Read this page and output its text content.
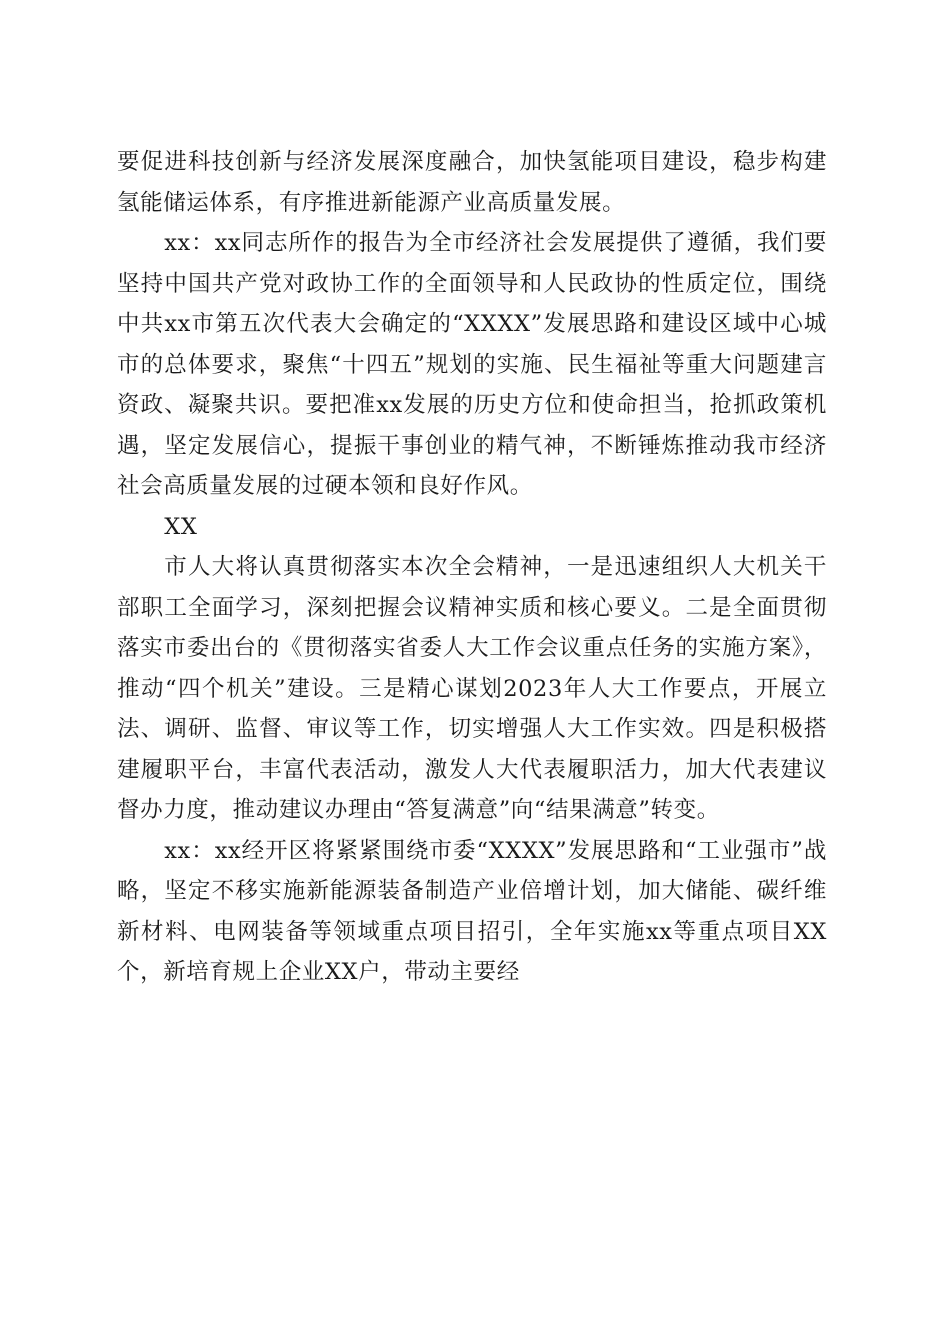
要促进科技创新与经济发展深度融合，加快氢能项目建设，稳步构建氢能储运体系，有序推进新能源产业高质量发展。

xx：xx同志所作的报告为全市经济社会发展提供了遵循，我们要坚持中国共产党对政协工作的全面领导和人民政协的性质定位，围绕中共xx市第五次代表大会确定的“XXXX”发展思路和建设区域中心城市的总体要求，聚焦“十四五”规划的实施、民生福祉等重大问题建言资政、凝聚共识。要把准xx发展的历史方位和使命担当，抢抓政策机遇，坚定发展信心，提振干事创业的精气神，不断锤炼推动我市经济社会高质量发展的过硬本领和良好作风。

XX

市人大将认真贯彻落实本次全会精神，一是迅速组织人大机关干部职工全面学习，深刻把握会议精神实质和核心要义。二是全面贯彻落实市委出台的《贯彻落实省委人大工作会议重点任务的实施方案》，推动“四个机关”建设。三是精心谋划2023年人大工作要点，开展立法、调研、监督、审议等工作，切实增强人大工作实效。四是积极搭建履职平台，丰富代表活动，激发人大代表履职活力，加大代表建议督办力度，推动建议办理由“答复满意”向“结果满意”转变。

xx：xx经开区将紧紧围绕市委“XXXX”发展思路和“工业强市”战略，坚定不移实施新能源装备制造产业倍增计划，加大储能、碳纤维新材料、电网装备等领域重点项目招引，全年实施xx等重点项目XX个，新培育规上企业XX户，带动主要经
